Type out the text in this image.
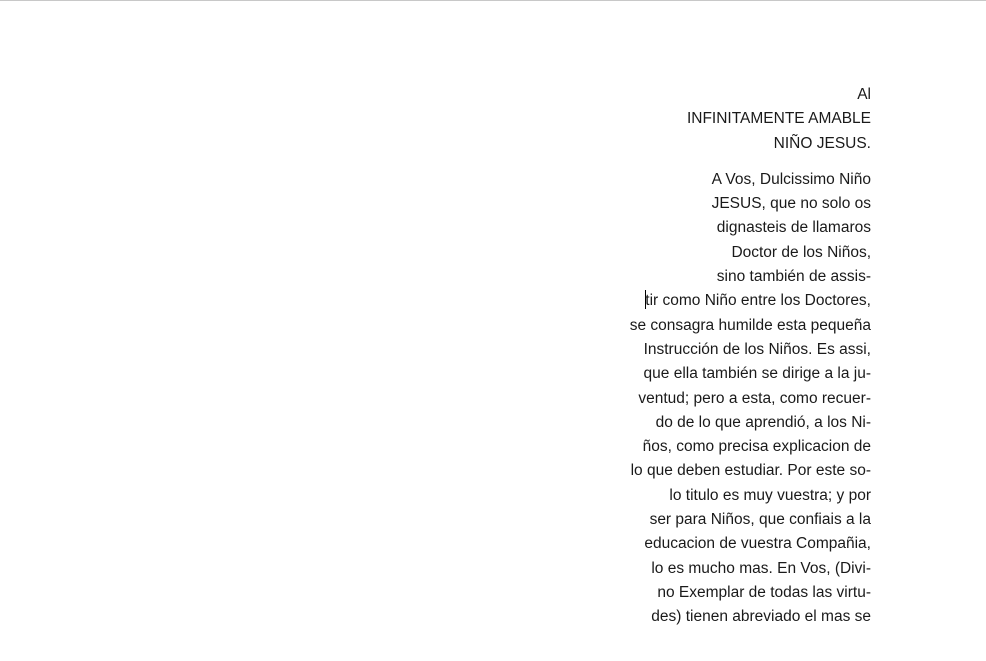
Al
INFINITAMENTE AMABLE
NIÑO JESUS.
A Vos, Dulcissimo Niño
JESUS, que no solo os
dignasteis de llamaros
Doctor de los Niños,
sino también de assis-
tir como Niño entre los Doctores,
se consagra humilde esta pequeña
Instrucción de los Niños. Es assi,
que ella también se dirige a la ju-
ventud; pero a esta, como recuer-
do de lo que aprendió, a los Ni-
ños, como precisa explicacion de
lo que deben estudiar. Por este so-
lo titulo es muy vuestra; y por
ser para Niños, que confiais a la
educacion de vuestra Compañia,
lo es mucho mas. En Vos, (Divi-
no Exemplar de todas las virtu-
des) tienen abreviado el mas se
